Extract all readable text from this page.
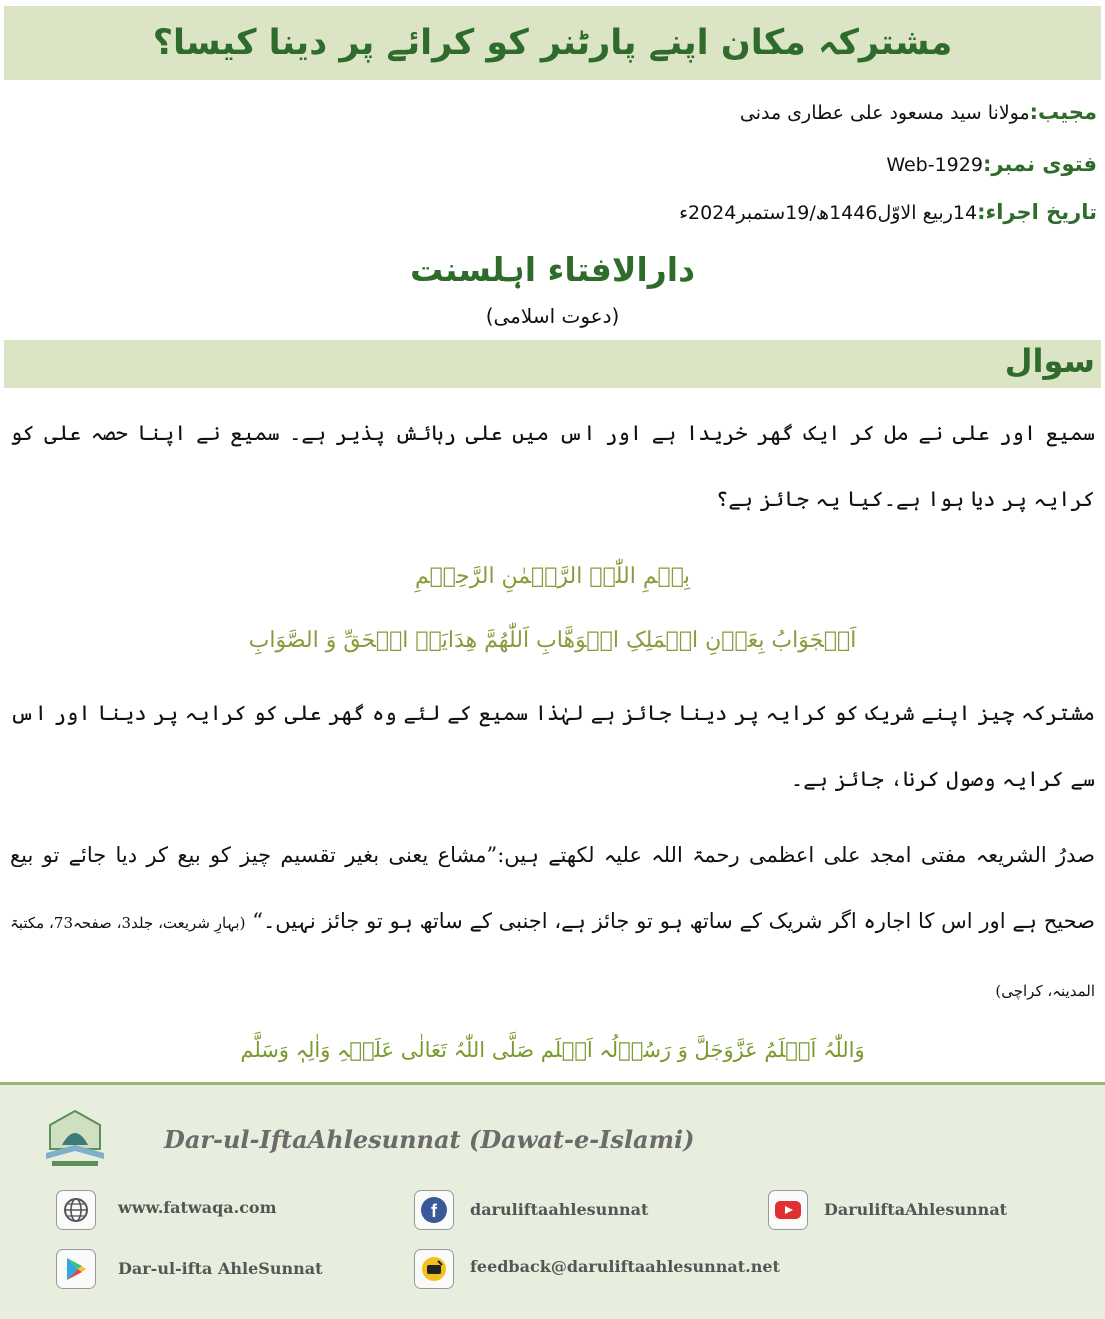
مشترکہ مکان اپنے پارٹنر کو کرائے پر دینا کیسا؟
مجیب:مولانا سید مسعود علی عطاری مدنی
فتوی نمبر:Web-1929
تاریخ اجراء:14ربیع الاوّل1446ھ/19ستمبر2024ء
دارالافتاء اہلسنت
(دعوت اسلامی)
سوال
سمیع اور علی نے مل کر ایک گھر خریدا ہے اور اس میں علی رہائش پذیر ہے۔ سمیع نے اپنا حصہ علی کو کرایہ پر دیا ہوا ہے۔کیا یہ جائز ہے؟
بِسۡمِ اللّٰہِ الرَّحۡمٰنِ الرَّحِیۡمِ
اَلۡجَوَابُ بِعَوۡنِ الۡمَلِکِ الۡوَھَّابِ اَللّٰھُمَّ ھِدَایَۃَ الۡحَقِّ وَ الصَّوَابِ
مشترکہ چیز اپنے شریک کو کرایہ پر دینا جائز ہے لہٰذا سمیع کے لئے وہ گھر علی کو کرایہ پر دینا اور اس سے کرایہ وصول کرنا، جائز ہے۔
صدرُ الشریعہ مفتی امجد علی اعظمی رحمۃ اللہ علیہ لکھتے ہیں:”مشاع یعنی بغیر تقسیم چیز کو بیع کر دیا جائے تو بیع صحیح ہے اور اس کا اجارہ اگر شریک کے ساتھ ہو تو جائز ہے، اجنبی کے ساتھ ہو تو جائز نہیں۔“ (بہارِ شریعت، جلد3، صفحہ73، مکتبۃ المدینہ، کراچی)
وَاللّٰہُ اَعۡلَمُ عَزَّوَجَلَّ وَ رَسُوۡلُہ اَعۡلَم صَلَّی اللّٰہُ تَعَالٰی عَلَیۡہِ وَاٰلِہٖ وَسَلَّم
Dar-ul-IftaAhlesunnat (Dawat-e-Islami)
www.fatwaqa.com	f daruliftaahlesunnat	DaruliftaAhlesunnat
Dar-ul-ifta AhleSunnat	feedback@daruliftaahlesunnat.net
